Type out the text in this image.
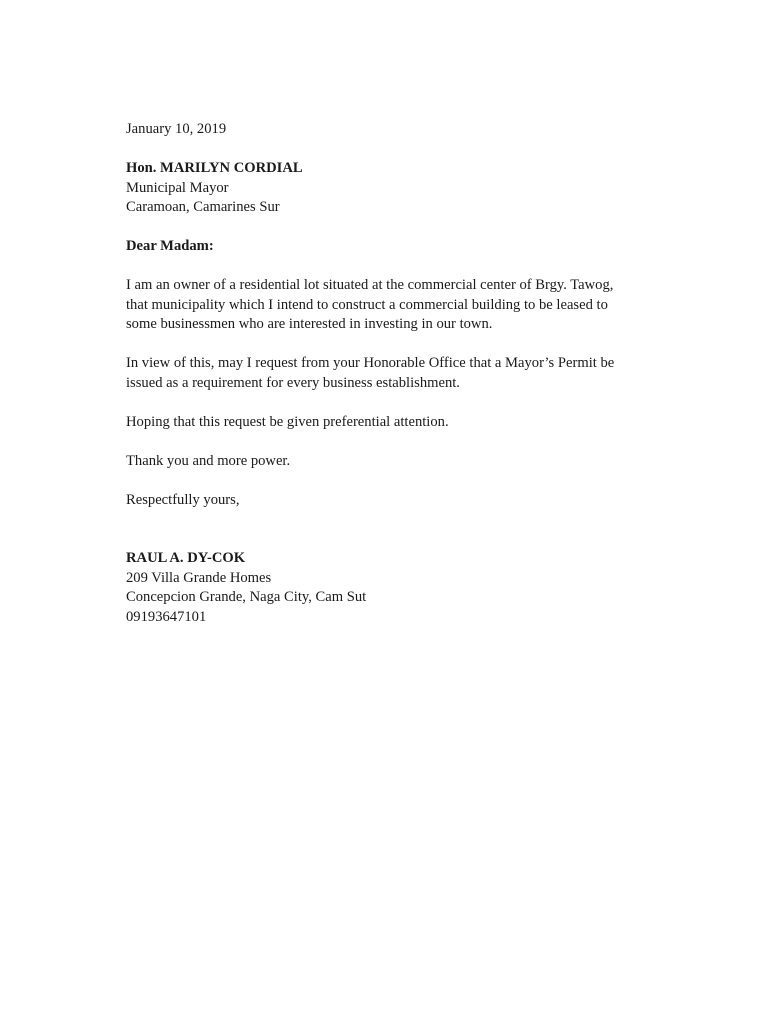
January 10, 2019
Hon. MARILYN CORDIAL
Municipal Mayor
Caramoan, Camarines Sur
Dear Madam:
I am an owner of a residential lot situated at the commercial center of Brgy. Tawog,
that municipality which I intend to construct a commercial building to be leased to
some businessmen who are interested in investing in our town.
In view of this, may I request from your Honorable Office that a Mayor’s Permit be
issued as a requirement for every business establishment.
Hoping that this request be given preferential attention.
Thank you and more power.
Respectfully yours,
RAUL A. DY-COK
209 Villa Grande Homes
Concepcion Grande, Naga City, Cam Sut
09193647101
